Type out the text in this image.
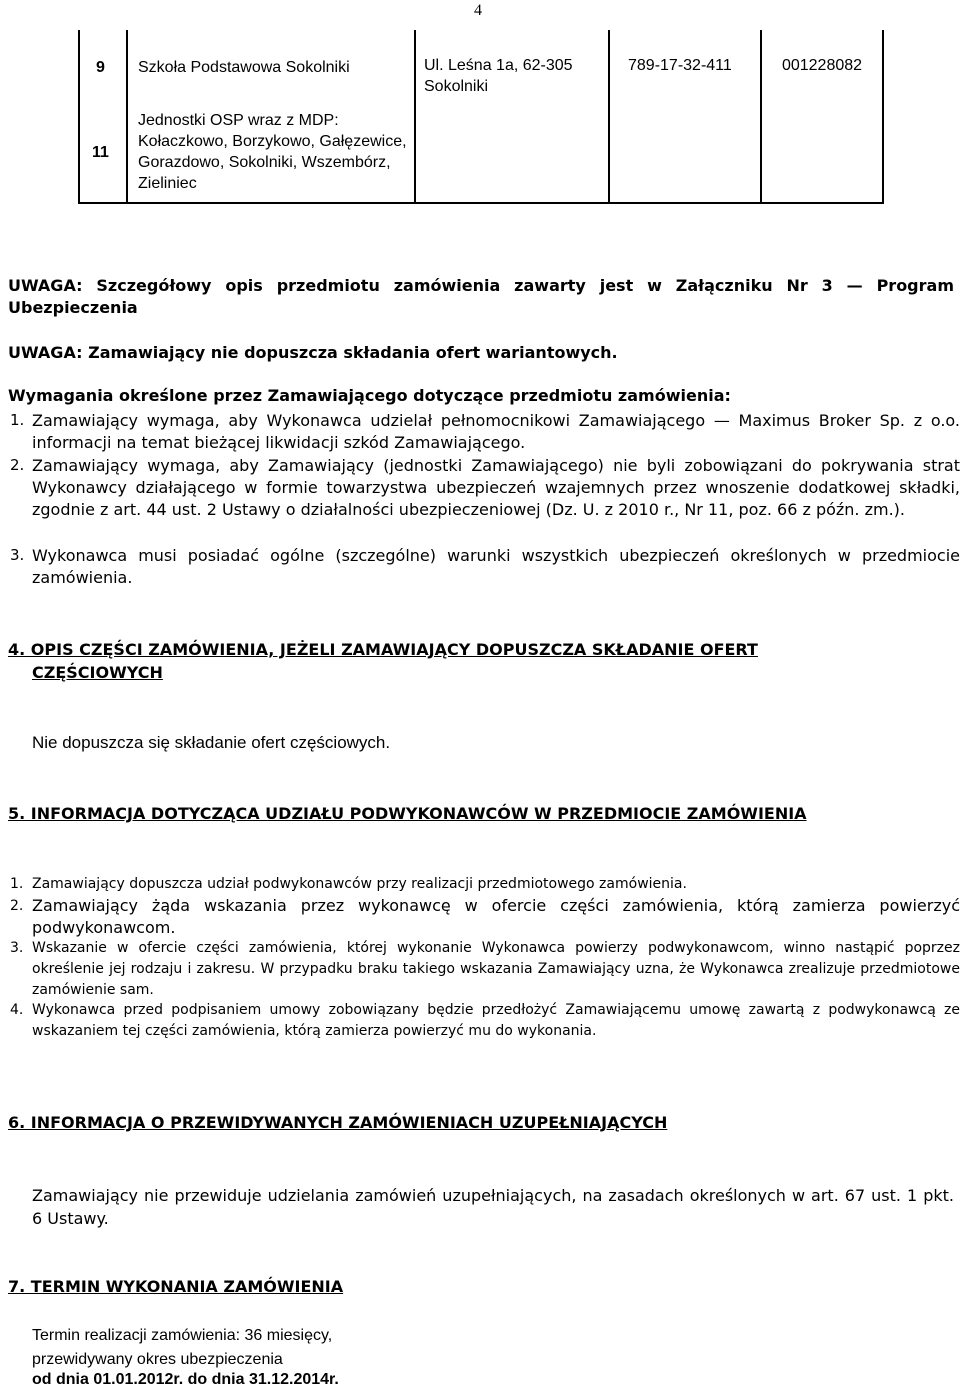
4
9 Szkoła Podstawowa Sokolniki	Ul. Leśna 1a, 62-305 Sokolniki
789-17-32-411	001228082
11
Jednostki OSP wraz z MDP: Kołaczkowo, Borzykowo, Gałęzewice, Gorazdowo, Sokolniki, Wszembórz, Zieliniec
UWAGA: Szczegółowy opis przedmiotu zamówienia zawarty jest w Załączniku Nr 3 — Program Ubezpieczenia
UWAGA: Zamawiający nie dopuszcza składania ofert wariantowych.
Wymagania określone przez Zamawiającego dotyczące przedmiotu zamówienia:
1. Zamawiający wymaga, aby Wykonawca udzielał pełnomocnikowi Zamawiającego — Maximus Broker Sp. z o.o. informacji na temat bieżącej likwidacji szkód Zamawiającego.
2. Zamawiający wymaga, aby Zamawiający (jednostki Zamawiającego) nie byli zobowiązani do pokrywania strat Wykonawcy działającego w formie towarzystwa ubezpieczeń wzajemnych przez wnoszenie dodatkowej składki, zgodnie z art. 44 ust. 2 Ustawy o działalności ubezpieczeniowej (Dz. U. z 2010 r., Nr 11, poz. 66 z późn. zm.).
3. Wykonawca musi posiadać ogólne (szczególne) warunki wszystkich ubezpieczeń określonych w przedmiocie zamówienia.
4. OPIS CZĘŚCI ZAMÓWIENIA, JEŻELI ZAMAWIAJĄCY DOPUSZCZA SKŁADANIE OFERT
CZĘŚCIOWYCH
Nie dopuszcza się składanie ofert częściowych.
5. INFORMACJA DOTYCZĄCA UDZIAŁU PODWYKONAWCÓW W PRZEDMIOCIE ZAMÓWIENIA
1. Zamawiający dopuszcza udział podwykonawców przy realizacji przedmiotowego zamówienia.
2. Zamawiający żąda wskazania przez wykonawcę w ofercie części zamówienia, którą zamierza powierzyć podwykonawcom.
3. Wskazanie w ofercie części zamówienia, której wykonanie Wykonawca powierzy podwykonawcom, winno nastąpić poprzez określenie jej rodzaju i zakresu. W przypadku braku takiego wskazania Zamawiający uzna, że Wykonawca zrealizuje przedmiotowe zamówienie sam.
4. Wykonawca przed podpisaniem umowy zobowiązany będzie przedłożyć Zamawiającemu umowę zawartą z podwykonawcą ze wskazaniem tej części zamówienia, którą zamierza powierzyć mu do wykonania.
6. INFORMACJA O PRZEWIDYWANYCH ZAMÓWIENIACH UZUPEŁNIAJĄCYCH
Zamawiający nie przewiduje udzielania zamówień uzupełniających, na zasadach określonych w art. 67 ust. 1 pkt. 6 Ustawy.
7. TERMIN WYKONANIA ZAMÓWIENIA
Termin realizacji zamówienia: 36 miesięcy,
przewidywany okres ubezpieczenia
od dnia 01.01.2012r. do dnia 31.12.2014r.
